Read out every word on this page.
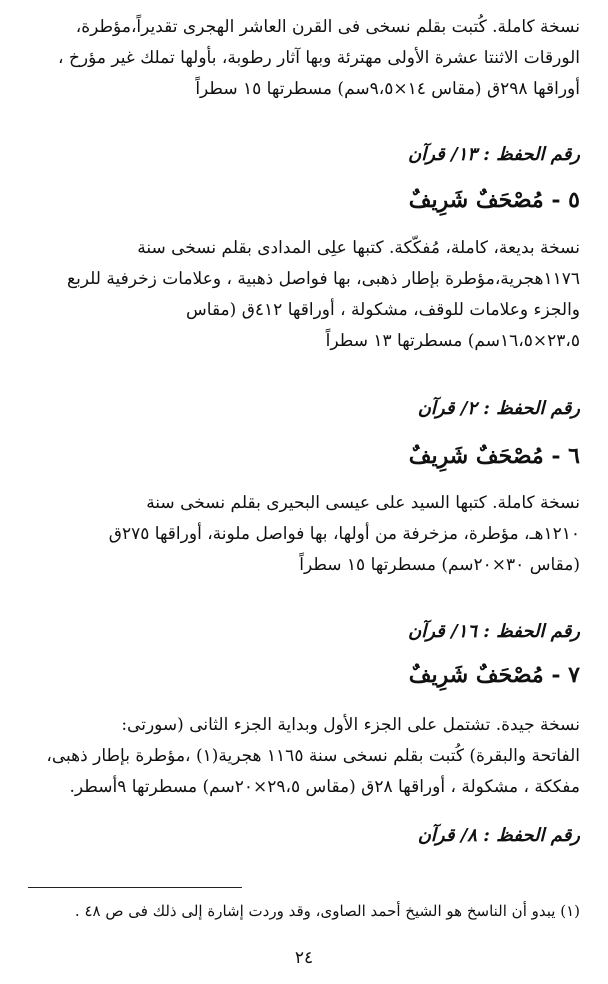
نسخة كاملة. كُتبت بقلم نسخى فى القرن العاشر الهجرى تقديراً،مؤطرة،
الورقات الاثنتا عشرة الأولى مهترئة وبها آثار رطوبة، بأولها تملك غير مؤرخ ،
أوراقها ٢٩٨ق (مقاس ١٤×٩،٥سم) مسطرتها ١٥ سطراً
رقم الحفظ : ١٣/ قرآن
٥ - مُصْحَفٌ شَرِيفٌ
نسخة بديعة، كاملة، مُفكّكة. كتبها علِى المدادى بقلم نسخى سنة
١١٧٦هجرية،مؤطرة بإطار ذهبى، بها فواصل ذهبية ، وعلامات زخرفية للربع
والجزء وعلامات للوقف، مشكولة ، أوراقها ٤١٢ق (مقاس
٢٣،٥×١٦،٥سم) مسطرتها ١٣ سطراً
رقم الحفظ : ٢/ قرآن
٦ - مُصْحَفٌ شَرِيفٌ
نسخة كاملة. كتبها السيد على عيسى البحيرى بقلم نسخى سنة
١٢١٠هـ، مؤطرة، مزخرفة من أولها، بها فواصل ملونة، أوراقها ٢٧٥ق
(مقاس ٣٠×٢٠سم) مسطرتها ١٥ سطراً
رقم الحفظ : ١٦/ قرآن
٧ - مُصْحَفٌ شَرِيفٌ
نسخة جيدة. تشتمل على الجزء الأول وبداية الجزء الثانى (سورتى:
الفاتحة والبقرة) كُتبت بقلم نسخى سنة ١١٦٥ هجرية(١) ،مؤطرة بإطار ذهبى،
مفككة ، مشكولة ، أوراقها ٢٨ق (مقاس ٢٩،٥×٢٠سم) مسطرتها ٩أسطر.
رقم الحفظ : ٨/ قرآن
(١) يبدو أن الناسخ هو الشيخ أحمد الصاوى، وقد وردت إشارة إلى ذلك فى ص ٤٨ .
٢٤
